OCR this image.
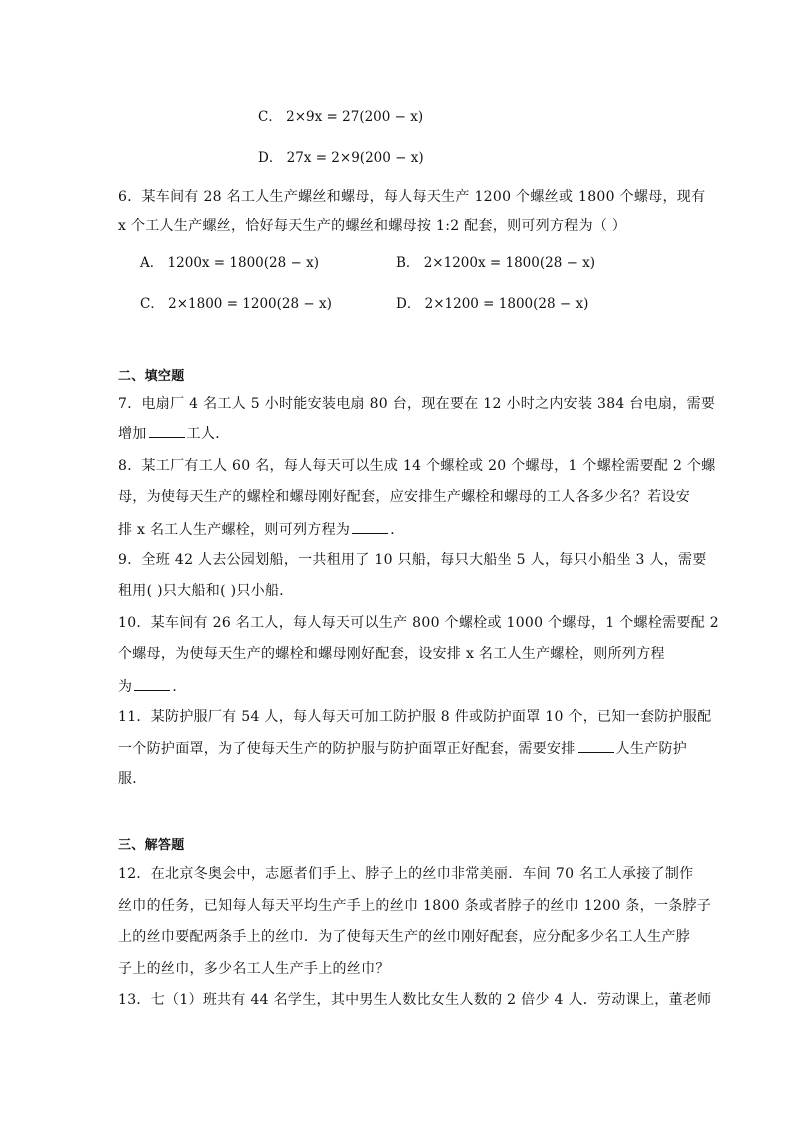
C． 2×9x = 27(200 − x)
D． 27x = 2×9(200 − x)
6．某车间有 28 名工人生产螺丝和螺母，每人每天生产 1200 个螺丝或 1800 个螺母，现有
x 个工人生产螺丝，恰好每天生产的螺丝和螺母按 1:2 配套，则可列方程为（ ）
A． 1200x = 1800(28 − x)	B． 2×1200x = 1800(28 − x)
C． 2×1800 = 1200(28 − x)	D． 2×1200 = 1800(28 − x)
二、填空题
7．电扇厂 4 名工人 5 小时能安装电扇 80 台，现在要在 12 小时之内安装 384 台电扇，需要
增加	工人．
8．某工厂有工人 60 名，每人每天可以生成 14 个螺栓或 20 个螺母，1 个螺栓需要配 2 个螺
母，为使每天生产的螺栓和螺母刚好配套，应安排生产螺栓和螺母的工人各多少名？若设安
排 x 名工人生产螺栓，则可列方程为	．
9．全班 42 人去公园划船，一共租用了 10 只船，每只大船坐 5 人，每只小船坐 3 人，需要
租用( )只大船和( )只小船．
10．某车间有 26 名工人，每人每天可以生产 800 个螺栓或 1000 个螺母，1 个螺栓需要配 2
个螺母，为使每天生产的螺栓和螺母刚好配套，设安排 x 名工人生产螺栓，则所列方程
为	．
11．某防护服厂有 54 人，每人每天可加工防护服 8 件或防护面罩 10 个，已知一套防护服配
一个防护面罩，为了使每天生产的防护服与防护面罩正好配套，需要安排	人生产防护
服．
三、解答题
12．在北京冬奥会中，志愿者们手上、脖子上的丝巾非常美丽．车间 70 名工人承接了制作
丝巾的任务，已知每人每天平均生产手上的丝巾 1800 条或者脖子的丝巾 1200 条，一条脖子
上的丝巾要配两条手上的丝巾．为了使每天生产的丝巾刚好配套，应分配多少名工人生产脖
子上的丝巾，多少名工人生产手上的丝巾？
13．七（1）班共有 44 名学生，其中男生人数比女生人数的 2 倍少 4 人．劳动课上，董老师
